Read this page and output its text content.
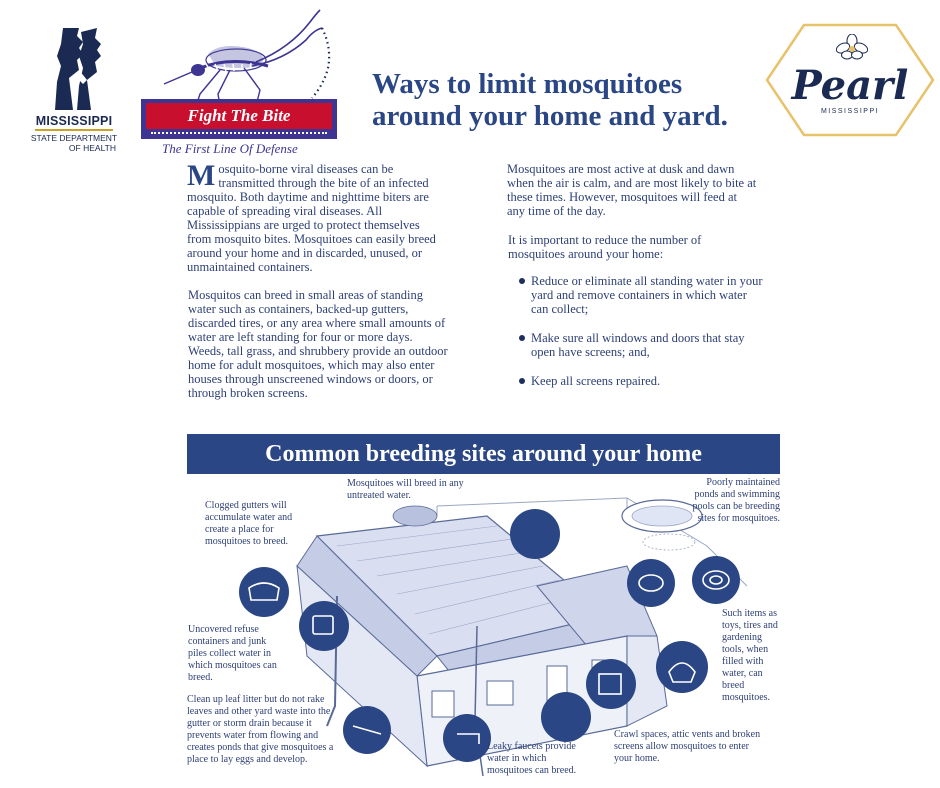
MISSISSIPPI
STATE DEPARTMENT
OF HEALTH
Fight The Bite
The First Line Of Defense
Ways to limit mosquitoes
around your home and yard.
Pearl
MISSISSIPPI
Mosquito-borne viral diseases can be transmitted through the bite of an infected mosquito. Both daytime and nighttime biters are capable of spreading viral diseases. All Mississippians are urged to protect themselves from mosquito bites. Mosquitoes can easily breed around your home and in discarded, unused, or unmaintained containers.
Mosquitos can breed in small areas of standing water such as containers, backed-up gutters, discarded tires, or any area where small amounts of water are left standing for four or more days. Weeds, tall grass, and shrubbery provide an outdoor home for adult mosquitoes, which may also enter houses through unscreened windows or doors, or through broken screens.
Mosquitoes are most active at dusk and dawn when the air is calm, and are most likely to bite at these times. However, mosquitoes will feed at any time of the day.
It is important to reduce the number of mosquitoes around your home:
Reduce or eliminate all standing water in your yard and remove containers in which water can collect;
Make sure all windows and doors that stay open have screens; and,
Keep all screens repaired.
Common breeding sites around your home
Clogged gutters will accumulate water and create a place for mosquitoes to breed.
Mosquitoes will breed in any untreated water.
Poorly maintained ponds and swimming pools can be breeding sites for mosquitoes.
Uncovered refuse containers and junk piles collect water in which mosquitoes can breed.
Clean up leaf litter but do not rake leaves and other yard waste into the gutter or storm drain because it prevents water from flowing and creates ponds that give mosquitoes a place to lay eggs and develop.
Such items as toys, tires and gardening tools, when filled with water, can breed mosquitoes.
Leaky faucets provide water in which mosquitoes can breed.
Crawl spaces, attic vents and broken screens allow mosquitoes to enter your home.
